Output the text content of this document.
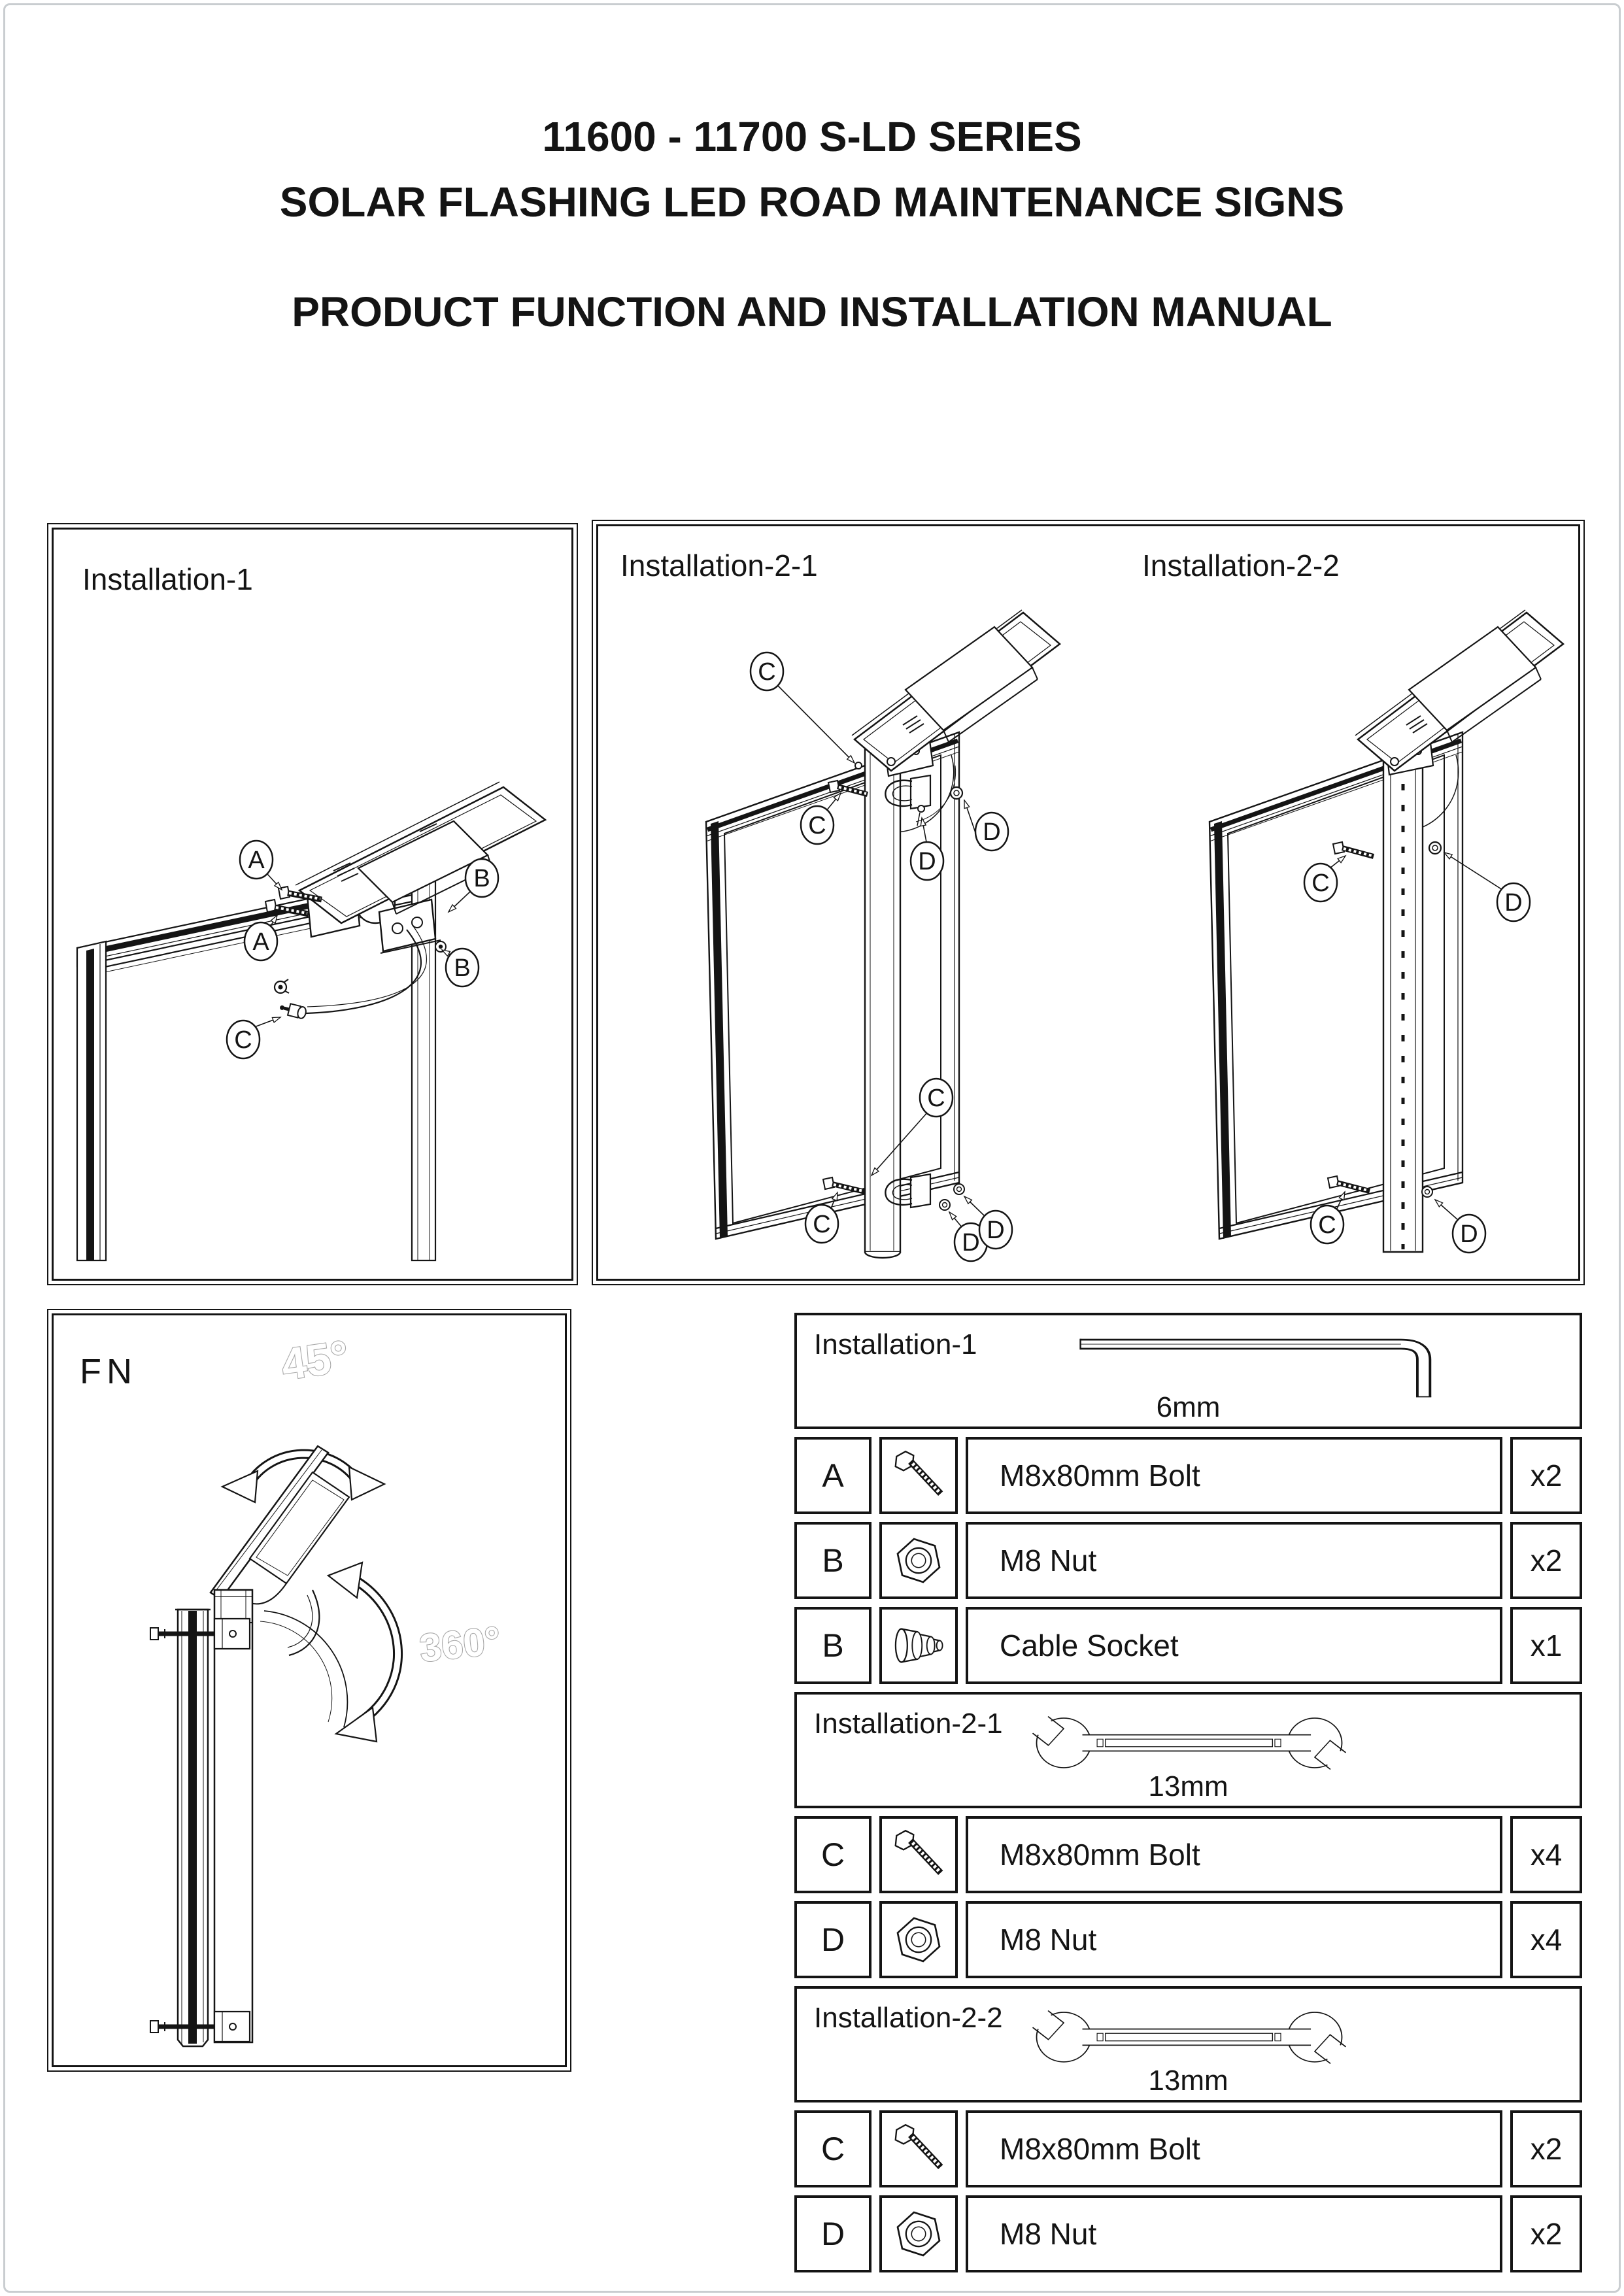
11600 - 11700 S-LD SERIES
SOLAR FLASHING LED ROAD MAINTENANCE SIGNS
PRODUCT FUNCTION AND INSTALLATION MANUAL
Installation-1
A
A
B
B
C
Installation-2-1	Installation-2-2
C
C	D
D
C
C
D D
C
D
C	D
FN	45°
360°
Installation-1
6mm
A	M8x80mm Bolt	x2
B	M8 Nut	x2
B	Cable Socket	x1
Installation-2-1
13mm
C	M8x80mm Bolt	x4
D	M8 Nut	x4
Installation-2-2
13mm
C	M8x80mm Bolt	x2
D	M8 Nut	x2
